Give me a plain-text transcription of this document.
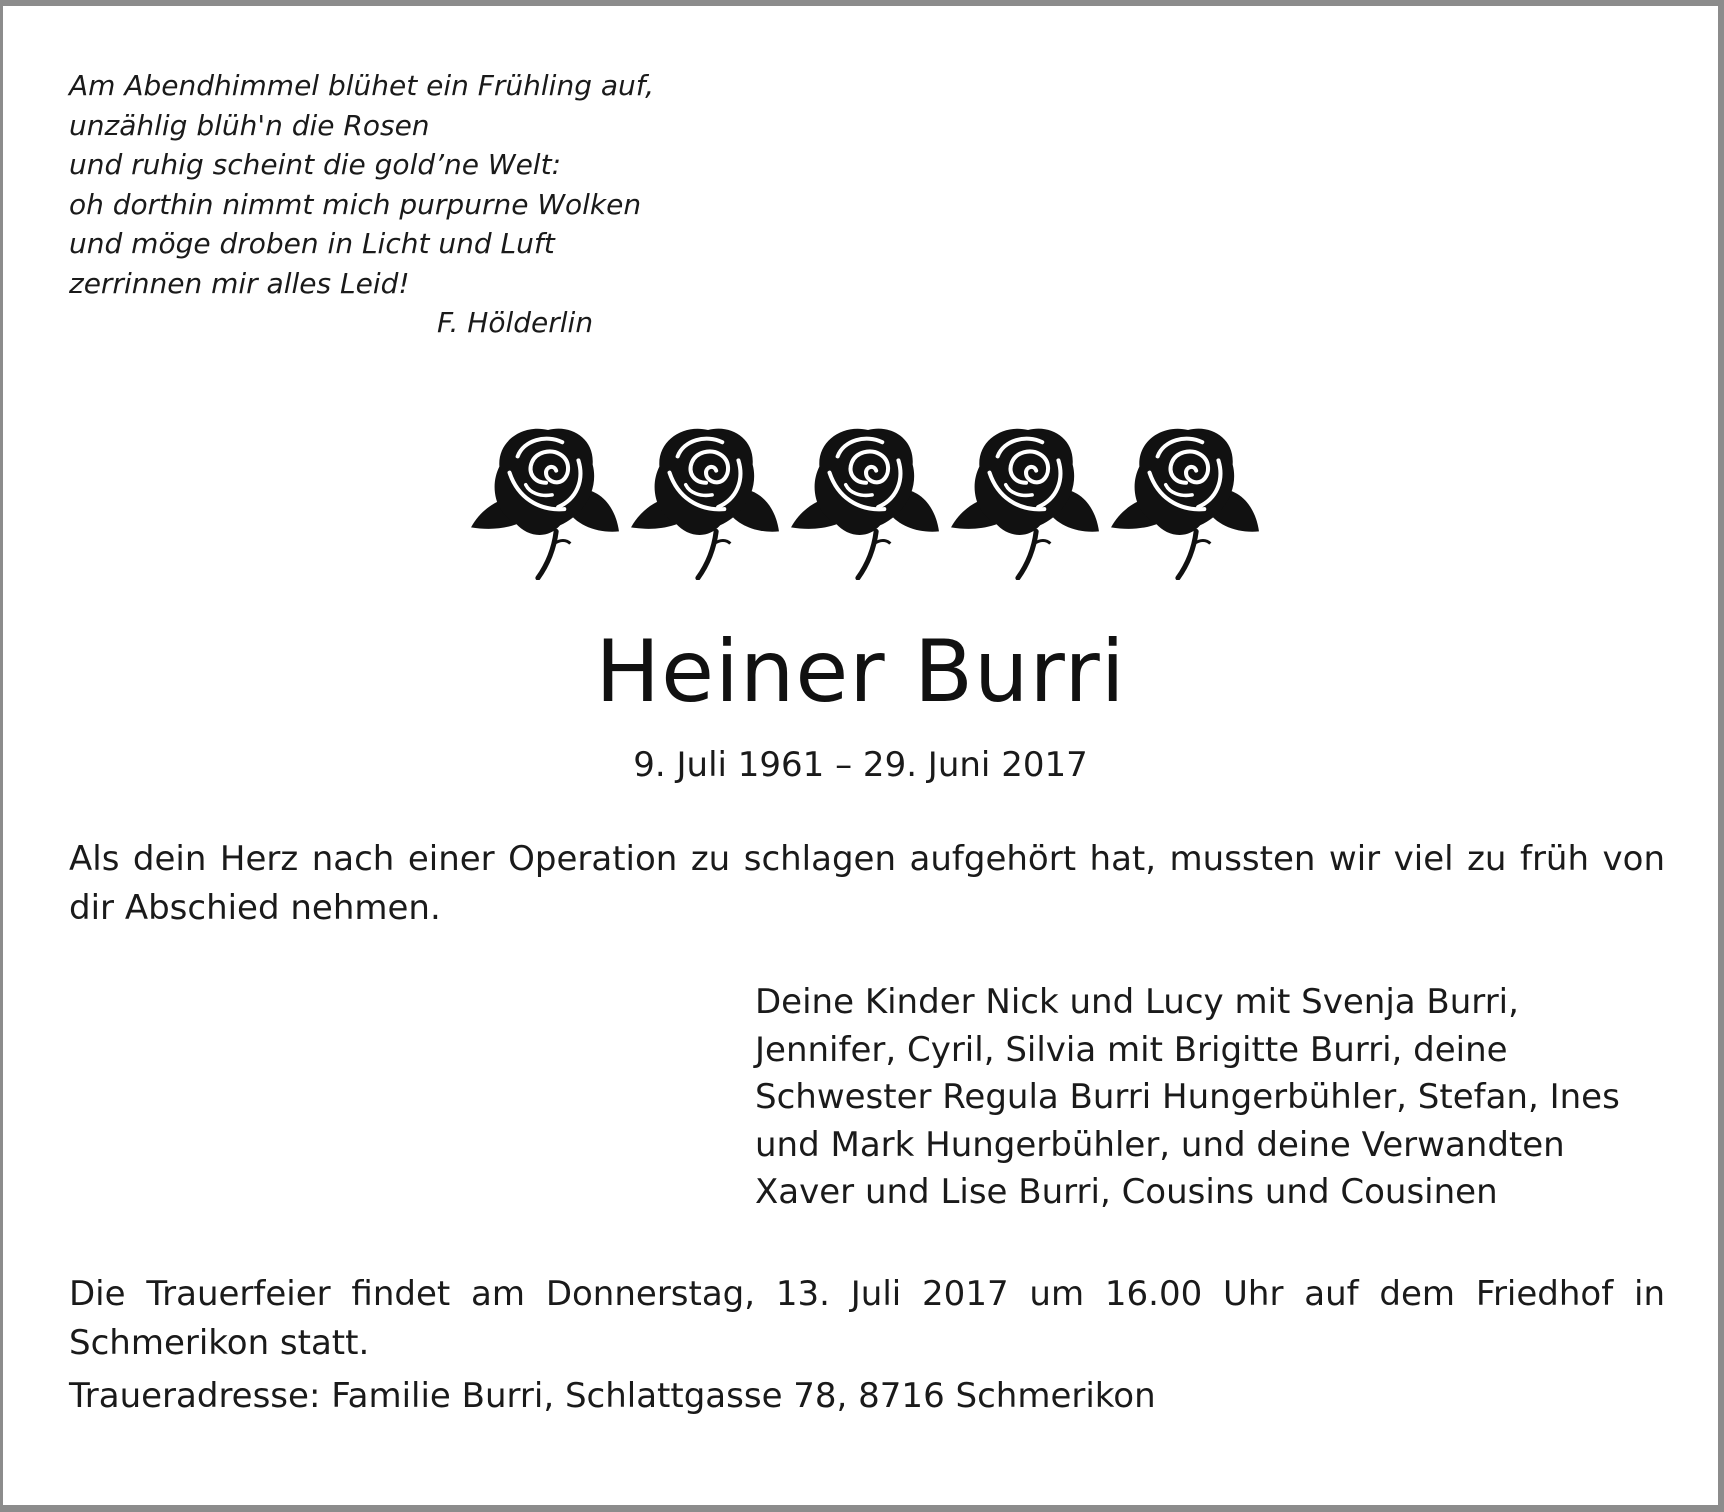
Am Abendhimmel blühet ein Frühling auf,
unzählig blüh'n die Rosen
und ruhig scheint die gold’ne Welt:
oh dorthin nimmt mich purpurne Wolken
und möge droben in Licht und Luft
zerrinnen mir alles Leid!
F. Hölderlin
Heiner Burri
9. Juli 1961 – 29. Juni 2017
Als dein Herz nach einer Operation zu schlagen aufgehört hat, mussten wir viel zu früh von dir Abschied nehmen.
Deine Kinder Nick und Lucy mit Svenja Burri,
Jennifer, Cyril, Silvia mit Brigitte Burri, deine
Schwester Regula Burri Hungerbühler, Stefan, Ines
und Mark Hungerbühler, und deine Verwandten
Xaver und Lise Burri, Cousins und Cousinen
Die Trauerfeier findet am Donnerstag, 13. Juli 2017 um 16.00 Uhr auf dem Friedhof in Schmerikon statt.
Traueradresse: Familie Burri, Schlattgasse 78, 8716 Schmerikon
